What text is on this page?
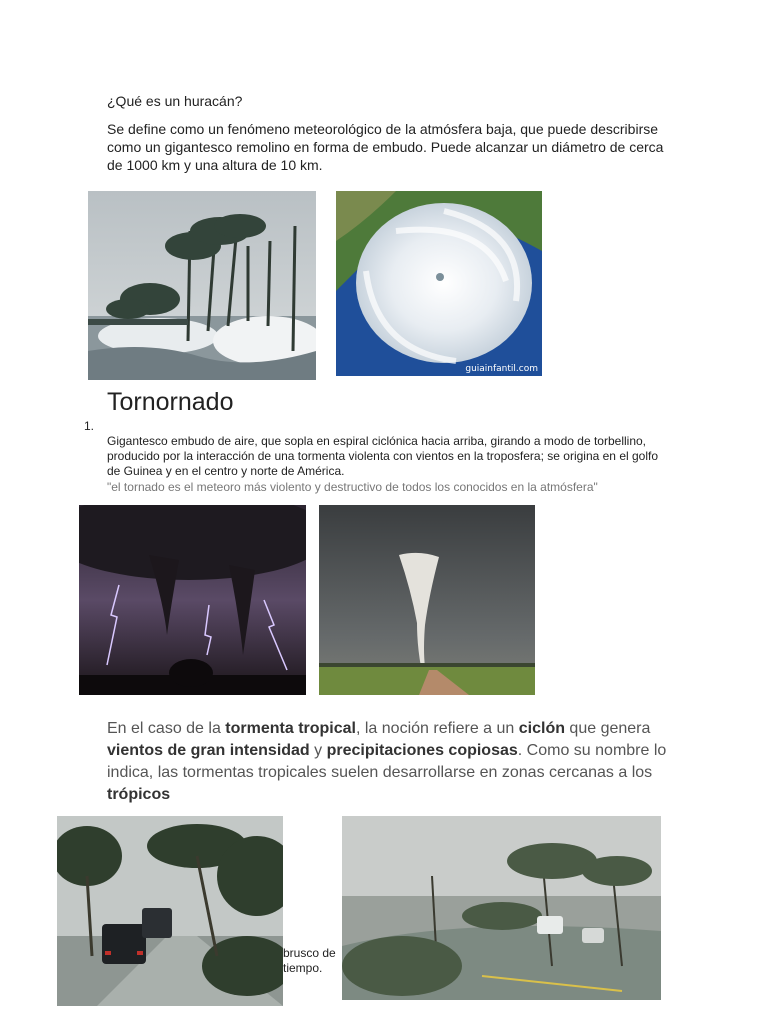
¿Qué es un huracán?
Se define como un fenómeno meteorológico de la atmósfera baja, que puede describirse como un gigantesco remolino en forma de embudo. Puede alcanzar un diámetro de cerca de 1000 km y una altura de 10 km.
guiainfantil.com
Tornornado
1.
Gigantesco embudo de aire, que sopla en espiral ciclónica hacia arriba, girando a modo de torbellino, producido por la interacción de una tormenta violenta con vientos en la troposfera; se origina en el golfo de Guinea y en el centro y norte de América.
"el tornado es el meteoro más violento y destructivo de todos los conocidos en la atmósfera"
En el caso de la tormenta tropical, la noción refiere a un ciclón que genera vientos de gran intensidad y precipitaciones copiosas. Como su nombre lo indica, las tormentas tropicales suelen desarrollarse en zonas cercanas a los trópicos
brusco de
tiempo.
